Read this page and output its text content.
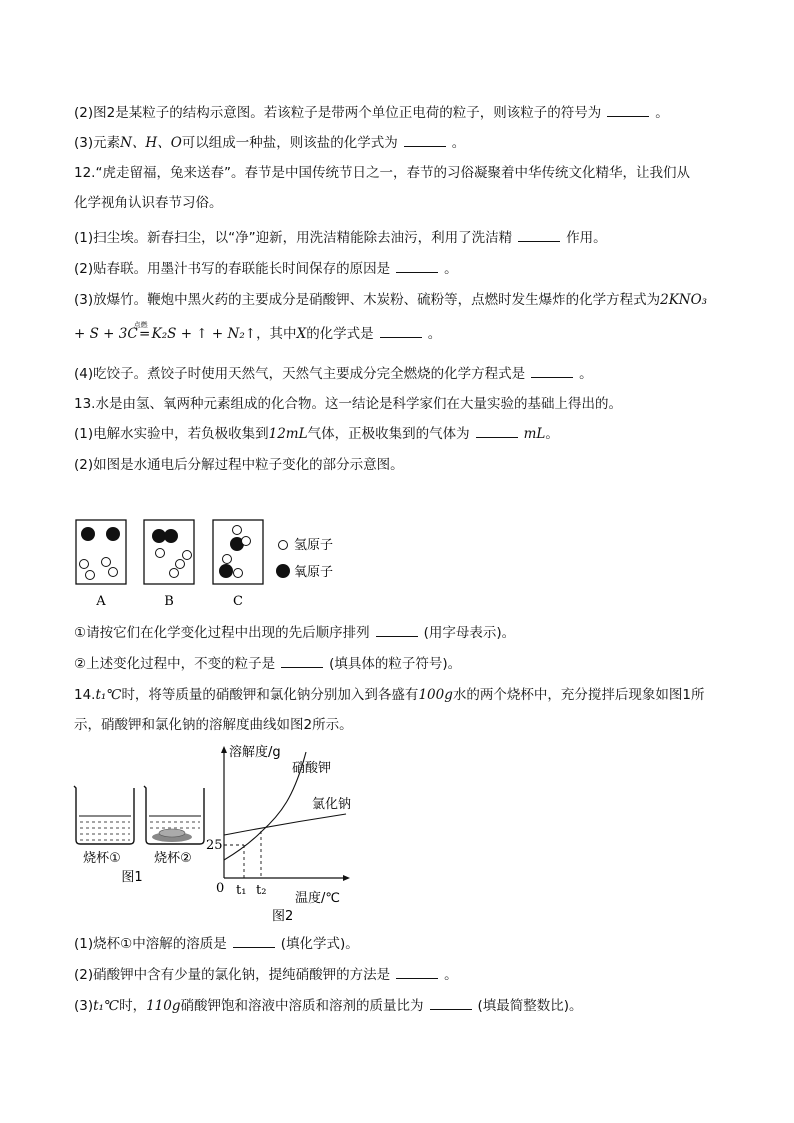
(2)图2是某粒子的结构示意图。若该粒子是带两个单位正电荷的粒子，则该粒子的符号为	。
(3)元素N、H、O可以组成一种盐，则该盐的化学式为	。
12.“虎走留福，兔来送春”。春节是中国传统节日之一，春节的习俗凝聚着中华传统文化精华，让我们从
化学视角认识春节习俗。
(1)扫尘埃。新春扫尘，以“净”迎新，用洗洁精能除去油污，利用了洗洁精	作用。
(2)贴春联。用墨汁书写的春联能长时间保存的原因是	。
(3)放爆竹。鞭炮中黑火药的主要成分是硝酸钾、木炭粉、硫粉等，点燃时发生爆炸的化学方程式为2KNO₃
+ S + 3C
点燃
=K₂S + ↑ + N₂↑，其中X的化学式是	。
(4)吃饺子。煮饺子时使用天然气，天然气主要成分完全燃烧的化学方程式是	。
13.水是由氢、氧两种元素组成的化合物。这一结论是科学家们在大量实验的基础上得出的。
(1)电解水实验中，若负极收集到12mL气体，正极收集到的气体为	mL。
(2)如图是水通电后分解过程中粒子变化的部分示意图。
A	B	C
氢原子
氧原子
①请按它们在化学变化过程中出现的先后顺序排列	(用字母表示)。
②上述变化过程中，不变的粒子是	(填具体的粒子符号)。
14.t₁℃时，将等质量的硝酸钾和氯化钠分别加入到各盛有100g水的两个烧杯中，充分搅拌后现象如图1所
示，硝酸钾和氯化钠的溶解度曲线如图2所示。
烧杯①	烧杯②
图1
溶解度/g
温度/℃
0
25
t₁ t₂
硝酸钾
氯化钠
图2
(1)烧杯①中溶解的溶质是	(填化学式)。
(2)硝酸钾中含有少量的氯化钠，提纯硝酸钾的方法是	。
(3)t₁℃时，110g硝酸钾饱和溶液中溶质和溶剂的质量比为	(填最简整数比)。
